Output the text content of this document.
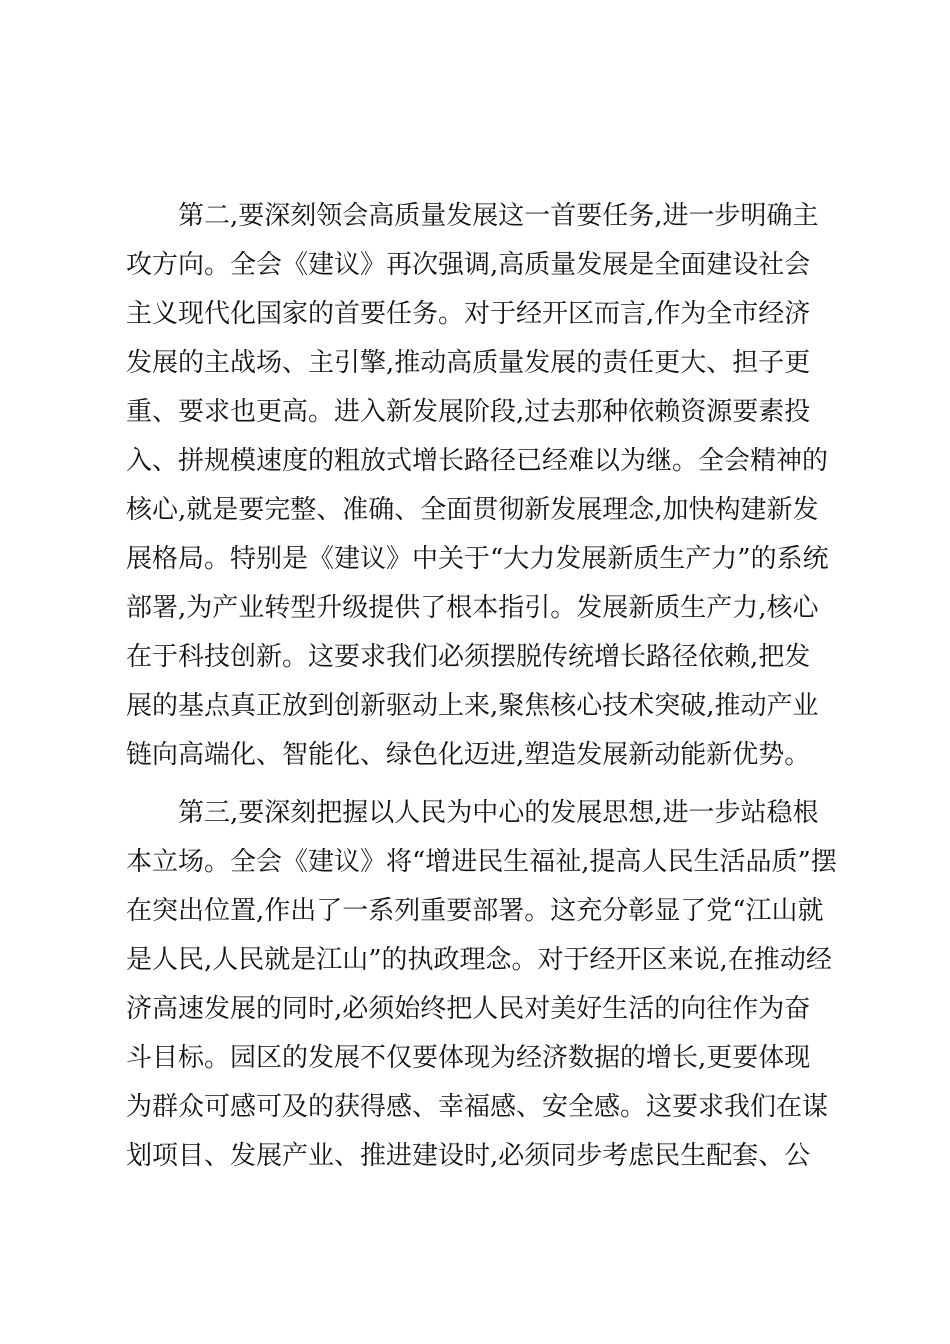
第二,要深刻领会高质量发展这一首要任务,进一步明确主

攻方向。全会《建议》再次强调,高质量发展是全面建设社会

主义现代化国家的首要任务。对于经开区而言,作为全市经济

发展的主战场、主引擎,推动高质量发展的责任更大、担子更

重、要求也更高。进入新发展阶段,过去那种依赖资源要素投

入、拼规模速度的粗放式增长路径已经难以为继。全会精神的

核心,就是要完整、准确、全面贯彻新发展理念,加快构建新发

展格局。特别是《建议》中关于“大力发展新质生产力”的系统

部署,为产业转型升级提供了根本指引。发展新质生产力,核心

在于科技创新。这要求我们必须摆脱传统增长路径依赖,把发

展的基点真正放到创新驱动上来,聚焦核心技术突破,推动产业

链向高端化、智能化、绿色化迈进,塑造发展新动能新优势。

第三,要深刻把握以人民为中心的发展思想,进一步站稳根

本立场。全会《建议》将“增进民生福祉,提高人民生活品质”摆

在突出位置,作出了一系列重要部署。这充分彰显了党“江山就

是人民,人民就是江山”的执政理念。对于经开区来说,在推动经

济高速发展的同时,必须始终把人民对美好生活的向往作为奋

斗目标。园区的发展不仅要体现为经济数据的增长,更要体现

为群众可感可及的获得感、幸福感、安全感。这要求我们在谋

划项目、发展产业、推进建设时,必须同步考虑民生配套、公
